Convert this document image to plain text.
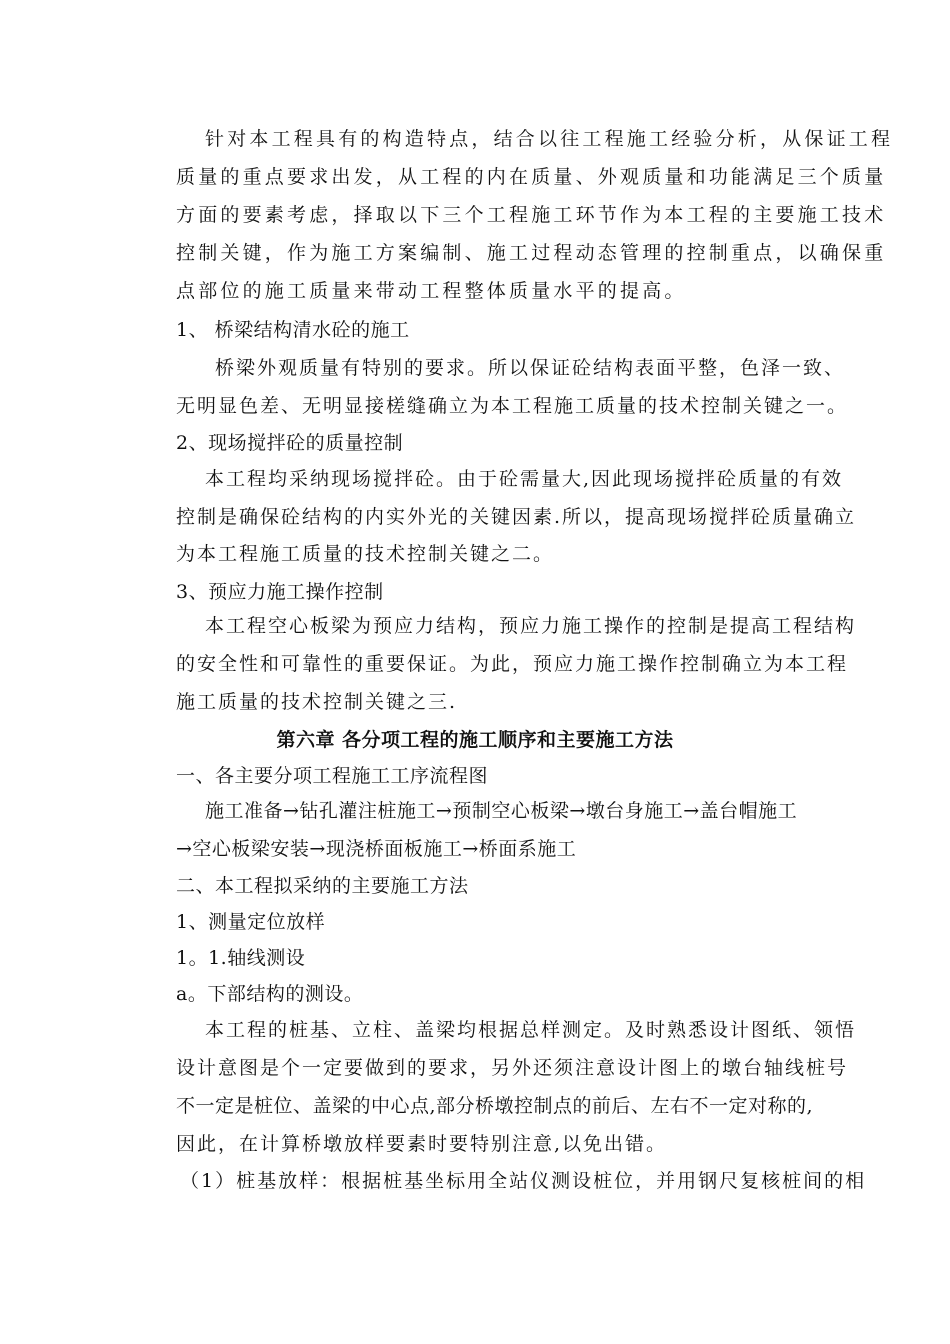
针对本工程具有的构造特点，结合以往工程施工经验分析，从保证工程
质量的重点要求出发，从工程的内在质量、外观质量和功能满足三个质量
方面的要素考虑，择取以下三个工程施工环节作为本工程的主要施工技术
控制关键，作为施工方案编制、施工过程动态管理的控制重点，以确保重
点部位的施工质量来带动工程整体质量水平的提高。
1、 桥梁结构清水砼的施工
桥梁外观质量有特别的要求。所以保证砼结构表面平整，色泽一致、
无明显色差、无明显接槎缝确立为本工程施工质量的技术控制关键之一。
2、现场搅拌砼的质量控制
本工程均采纳现场搅拌砼。由于砼需量大,因此现场搅拌砼质量的有效
控制是确保砼结构的内实外光的关键因素.所以，提高现场搅拌砼质量确立
为本工程施工质量的技术控制关键之二。
3、预应力施工操作控制
本工程空心板梁为预应力结构，预应力施工操作的控制是提高工程结构
的安全性和可靠性的重要保证。为此，预应力施工操作控制确立为本工程
施工质量的技术控制关键之三.
第六章 各分项工程的施工顺序和主要施工方法
一、各主要分项工程施工工序流程图
施工准备→钻孔灌注桩施工→预制空心板梁→墩台身施工→盖台帽施工
→空心板梁安装→现浇桥面板施工→桥面系施工
二、本工程拟采纳的主要施工方法
1、测量定位放样
1。1.轴线测设
a。下部结构的测设。
本工程的桩基、立柱、盖梁均根据总样测定。及时熟悉设计图纸、领悟
设计意图是个一定要做到的要求，另外还须注意设计图上的墩台轴线桩号
不一定是桩位、盖梁的中心点,部分桥墩控制点的前后、左右不一定对称的,
因此，在计算桥墩放样要素时要特别注意,以免出错。
（1）桩基放样：根据桩基坐标用全站仪测设桩位，并用钢尺复核桩间的相
